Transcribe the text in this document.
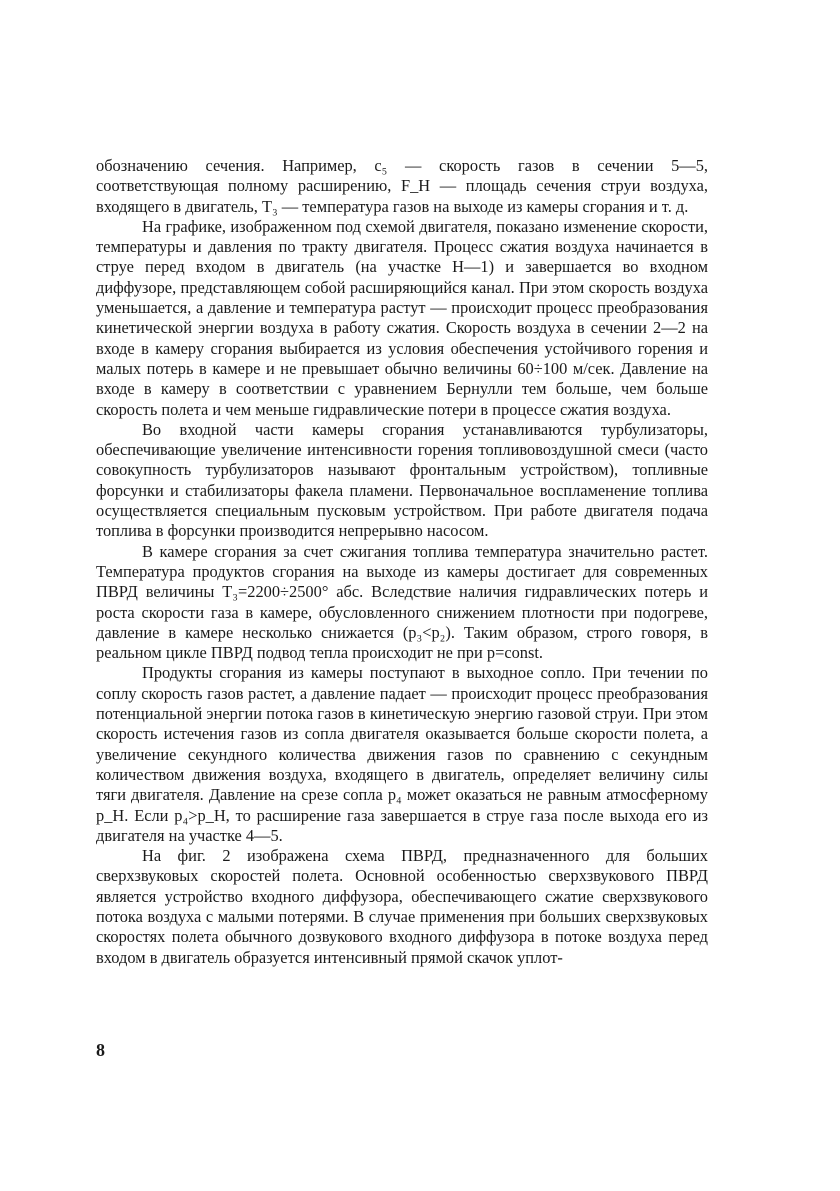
обозначению сечения. Например, c₅ — скорость газов в сечении 5—5, соответствующая полному расширению, F_H — площадь сечения струи воздуха, входящего в двигатель, T₃ — температура газов на выходе из камеры сгорания и т. д.

На графике, изображенном под схемой двигателя, показано изменение скорости, температуры и давления по тракту двигателя. Процесс сжатия воздуха начинается в струе перед входом в двигатель (на участке H—1) и завершается во входном диффузоре, представляющем собой расширяющийся канал. При этом скорость воздуха уменьшается, а давление и температура растут — происходит процесс преобразования кинетической энергии воздуха в работу сжатия. Скорость воздуха в сечении 2—2 на входе в камеру сгорания выбирается из условия обеспечения устойчивого горения и малых потерь в камере и не превышает обычно величины 60÷100 м/сек. Давление на входе в камеру в соответствии с уравнением Бернулли тем больше, чем больше скорость полета и чем меньше гидравлические потери в процессе сжатия воздуха.

Во входной части камеры сгорания устанавливаются турбулизаторы, обеспечивающие увеличение интенсивности горения топливовоздушной смеси (часто совокупность турбулизаторов называют фронтальным устройством), топливные форсунки и стабилизаторы факела пламени. Первоначальное воспламенение топлива осуществляется специальным пусковым устройством. При работе двигателя подача топлива в форсунки производится непрерывно насосом.

В камере сгорания за счет сжигания топлива температура значительно растет. Температура продуктов сгорания на выходе из камеры достигает для современных ПВРД величины T₃=2200÷2500° абс. Вследствие наличия гидравлических потерь и роста скорости газа в камере, обусловленного снижением плотности при подогреве, давление в камере несколько снижается (p₃<p₂). Таким образом, строго говоря, в реальном цикле ПВРД подвод тепла происходит не при p=const.

Продукты сгорания из камеры поступают в выходное сопло. При течении по соплу скорость газов растет, а давление падает — происходит процесс преобразования потенциальной энергии потока газов в кинетическую энергию газовой струи. При этом скорость истечения газов из сопла двигателя оказывается больше скорости полета, а увеличение секундного количества движения газов по сравнению с секундным количеством движения воздуха, входящего в двигатель, определяет величину силы тяги двигателя. Давление на срезе сопла p₄ может оказаться не равным атмосферному p_H. Если p₄>p_H, то расширение газа завершается в струе газа после выхода его из двигателя на участке 4—5.

На фиг. 2 изображена схема ПВРД, предназначенного для больших сверхзвуковых скоростей полета. Основной особенностью сверхзвукового ПВРД является устройство входного диффузора, обеспечивающего сжатие сверхзвукового потока воздуха с малыми потерями. В случае применения при больших сверхзвуковых скоростях полета обычного дозвукового входного диффузора в потоке воздуха перед входом в двигатель образуется интенсивный прямой скачок уплот-

8
